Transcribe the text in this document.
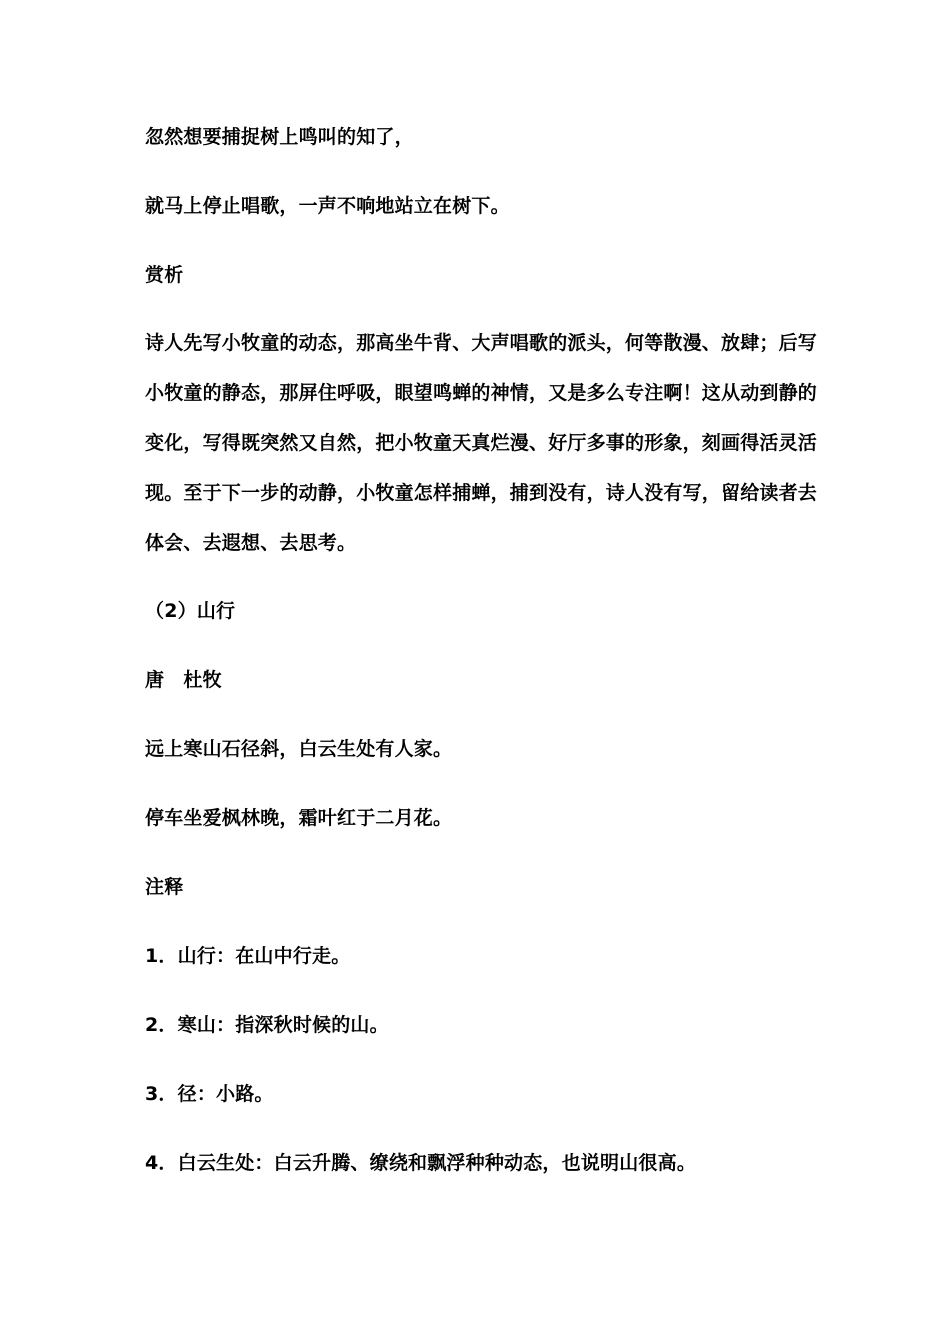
忽然想要捕捉树上鸣叫的知了，
就马上停止唱歌，一声不响地站立在树下。
赏析
诗人先写小牧童的动态，那高坐牛背、大声唱歌的派头，何等散漫、放肆；后写
小牧童的静态，那屏住呼吸，眼望鸣蝉的神情，又是多么专注啊！这从动到静的
变化，写得既突然又自然，把小牧童天真烂漫、好厅多事的形象，刻画得活灵活
现。至于下一步的动静，小牧童怎样捕蝉，捕到没有，诗人没有写，留给读者去
体会、去遐想、去思考。
（2）山行
唐　杜牧
远上寒山石径斜，白云生处有人家。
停车坐爱枫林晚，霜叶红于二月花。
注释
1．山行：在山中行走。
2．寒山：指深秋时候的山。
3．径：小路。
4．白云生处：白云升腾、缭绕和飘浮种种动态，也说明山很高。
